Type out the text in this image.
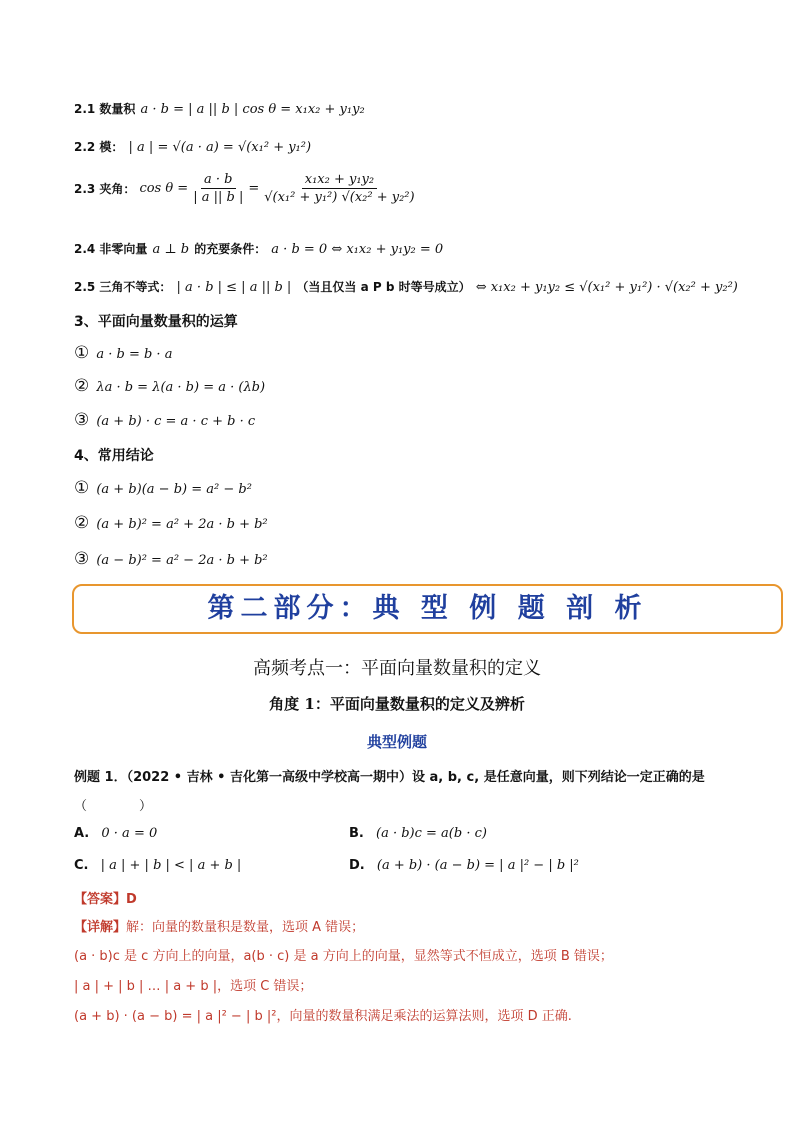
2.1 数量积 a · b = | a || b | cos θ = x₁x₂ + y₁y₂
2.2 模： | a | = √(a · a) = √(x₁² + y₁²)
2.3 夹角： $\cos \theta = \frac{a \cdot b}{| a || b |} = \frac{\text{x₁x₂ + y₁y₂}}{\text{√(x₁² + y₁²) √(x₂² + y₂²)}}$
2.4 非零向量 a ⊥ b 的充要条件： a · b = 0 ⇔ x₁x₂ + y₁y₂ = 0
2.5 三角不等式： | a · b | ≤ | a || b | （当且仅当 a P b 时等号成立） ⇔ x₁x₂ + y₁y₂ ≤ √(x₁² + y₁²) · √(x₂² + y₂²)
3、平面向量数量积的运算
① a · b = b · a
② λa · b = λ(a · b) = a · (λb)
③ (a + b) · c = a · c + b · c
4、常用结论
① (a + b)(a − b) = a² − b²
② (a + b)² = a² + 2a · b + b²
③ (a − b)² = a² − 2a · b + b²
第二部分：典 型 例 题 剖 析
高频考点一：平面向量数量积的定义
角度 1：平面向量数量积的定义及辨析
典型例题
例题 1．（2022 • 吉林 • 吉化第一高级中学校高一期中）设 a, b, c, 是任意向量，则下列结论一定正确的是
（　　　　）
A. 0 · a = 0	B. (a · b)c = a(b · c)
C. | a | + | b | < | a + b |	D. (a + b) · (a − b) = | a |² − | b |²
【答案】D
【详解】解：向量的数量积是数量，选项 A 错误；
(a · b)c 是 c 方向上的向量，a(b · c) 是 a 方向上的向量，显然等式不恒成立，选项 B 错误；
| a | + | b | … | a + b |，选项 C 错误；
(a + b) · (a − b) = | a |² − | b |²，向量的数量积满足乘法的运算法则，选项 D 正确.
